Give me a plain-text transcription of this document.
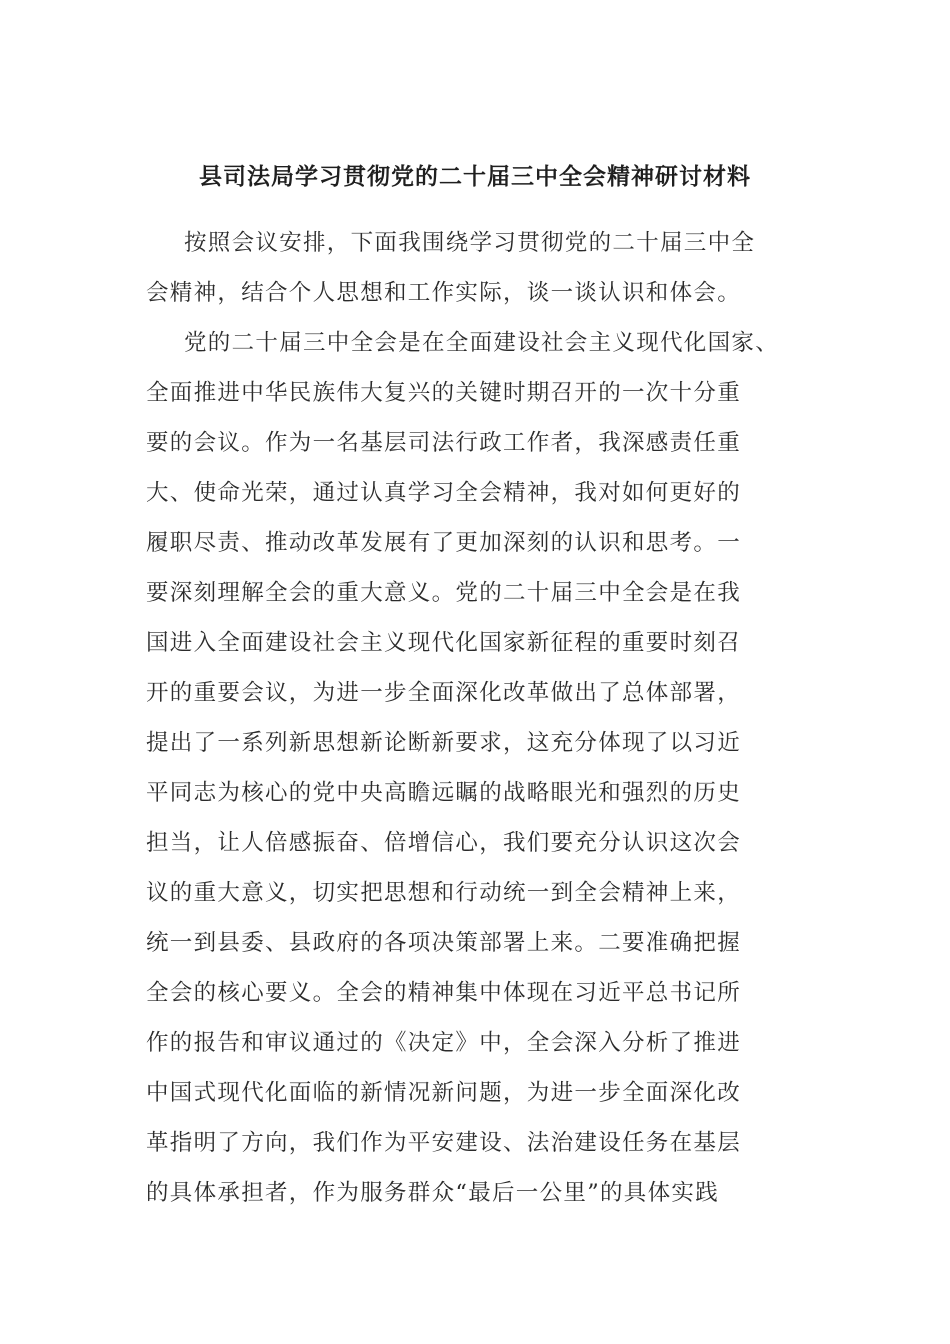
县司法局学习贯彻党的二十届三中全会精神研讨材料
按照会议安排，下面我围绕学习贯彻党的二十届三中全
会精神，结合个人思想和工作实际，谈一谈认识和体会。
党的二十届三中全会是在全面建设社会主义现代化国家、
全面推进中华民族伟大复兴的关键时期召开的一次十分重
要的会议。作为一名基层司法行政工作者，我深感责任重
大、使命光荣，通过认真学习全会精神，我对如何更好的
履职尽责、推动改革发展有了更加深刻的认识和思考。一
要深刻理解全会的重大意义。党的二十届三中全会是在我
国进入全面建设社会主义现代化国家新征程的重要时刻召
开的重要会议，为进一步全面深化改革做出了总体部署，
提出了一系列新思想新论断新要求，这充分体现了以习近
平同志为核心的党中央高瞻远瞩的战略眼光和强烈的历史
担当，让人倍感振奋、倍增信心，我们要充分认识这次会
议的重大意义，切实把思想和行动统一到全会精神上来，
统一到县委、县政府的各项决策部署上来。二要准确把握
全会的核心要义。全会的精神集中体现在习近平总书记所
作的报告和审议通过的《决定》中，全会深入分析了推进
中国式现代化面临的新情况新问题，为进一步全面深化改
革指明了方向，我们作为平安建设、法治建设任务在基层
的具体承担者，作为服务群众“最后一公里”的具体实践
